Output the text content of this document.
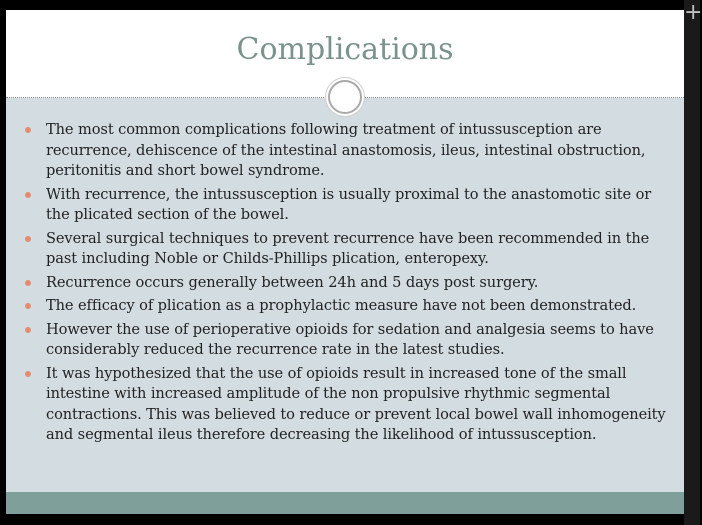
Complications
The most common complications following treatment of intussusception are recurrence, dehiscence of the intestinal anastomosis, ileus, intestinal obstruction, peritonitis and short bowel syndrome.
With recurrence, the intussusception is usually proximal to the anastomotic site or the plicated section of the bowel.
Several surgical techniques to prevent recurrence have been recommended in the past including Noble or Childs-Phillips plication, enteropexy.
Recurrence occurs generally between 24h and 5 days post surgery.
The efficacy of plication as a prophylactic measure have not been demonstrated.
However the use of perioperative opioids for sedation and analgesia seems to have considerably reduced the recurrence rate in the latest studies.
It was hypothesized that the use of opioids result in increased tone of the small intestine with increased amplitude of the non propulsive rhythmic segmental contractions. This was believed to reduce or prevent local bowel wall inhomogeneity and segmental ileus therefore decreasing the likelihood of intussusception.
+
